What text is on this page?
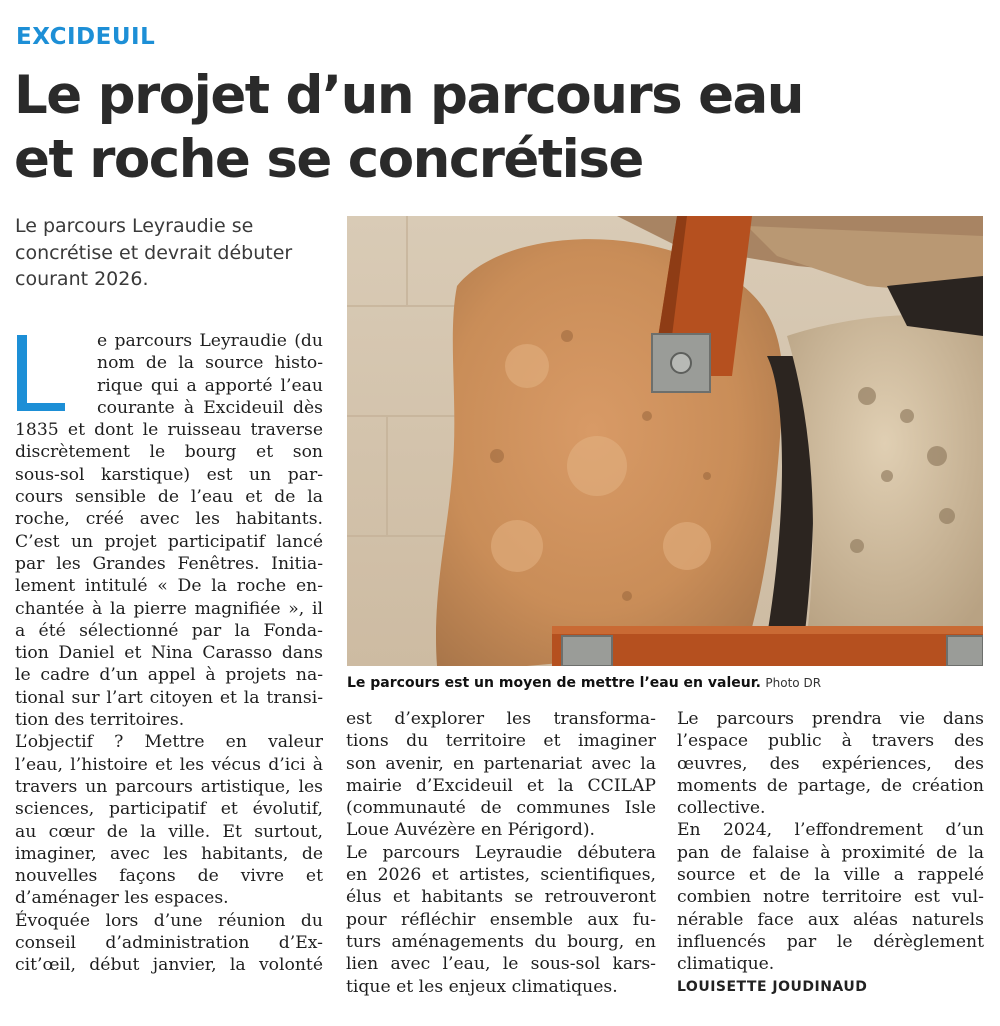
EXCIDEUIL
Le projet d’un parcours eau
et roche se concrétise
Le parcours Leyraudie se
concrétise et devrait débuter
courant 2026.
Le parcours est un moyen de mettre l’eau en valeur. Photo DR
e parcours Leyraudie (du
nom de la source histo-
rique qui a apporté l’eau
courante à Excideuil dès
1835 et dont le ruisseau traverse
discrètement le bourg et son
sous-sol karstique) est un par-
cours sensible de l’eau et de la
roche, créé avec les habitants.
C’est un projet participatif lancé
par les Grandes Fenêtres. Initia-
lement intitulé « De la roche en-
chantée à la pierre magnifiée », il
a été sélectionné par la Fonda-
tion Daniel et Nina Carasso dans
le cadre d’un appel à projets na-
tional sur l’art citoyen et la transi-
tion des territoires.
L’objectif ? Mettre en valeur
l’eau, l’histoire et les vécus d’ici à
travers un parcours artistique, les
sciences, participatif et évolutif,
au cœur de la ville. Et surtout,
imaginer, avec les habitants, de
nouvelles façons de vivre et
d’aménager les espaces.
Évoquée lors d’une réunion du
conseil d’administration d’Ex-
cit’œil, début janvier, la volonté
est d’explorer les transforma-
tions du territoire et imaginer
son avenir, en partenariat avec la
mairie d’Excideuil et la CCILAP
(communauté de communes Isle
Loue Auvézère en Périgord).
Le parcours Leyraudie débutera
en 2026 et artistes, scientifiques,
élus et habitants se retrouveront
pour réfléchir ensemble aux fu-
turs aménagements du bourg, en
lien avec l’eau, le sous-sol kars-
tique et les enjeux climatiques.
Le parcours prendra vie dans
l’espace public à travers des
œuvres, des expériences, des
moments de partage, de création
collective.
En 2024, l’effondrement d’un
pan de falaise à proximité de la
source et de la ville a rappelé
combien notre territoire est vul-
nérable face aux aléas naturels
influencés par le dérèglement
climatique.
LOUISETTE JOUDINAUD
